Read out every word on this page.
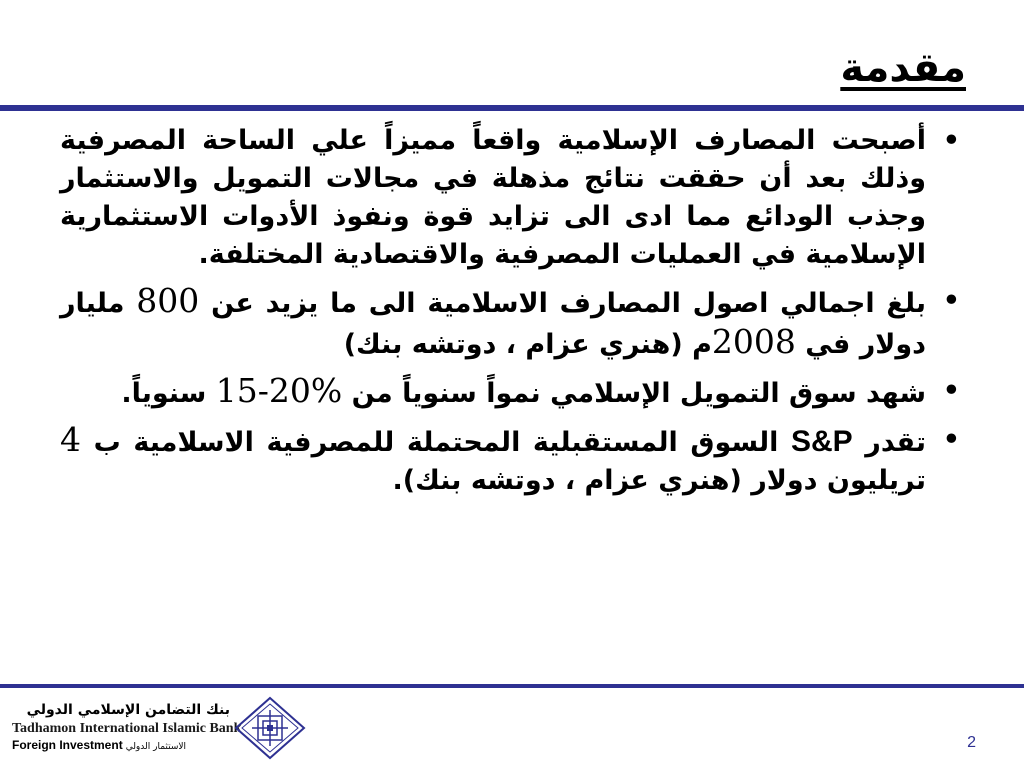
مقدمة
•
أصبحت المصارف الإسلامية واقعاً مميزاً علي الساحة المصرفية وذلك بعد أن حققت نتائج مذهلة في مجالات التمويل والاستثمار وجذب الودائع مما ادى الى تزايد قوة ونفوذ الأدوات الاستثمارية الإسلامية في العمليات المصرفية والاقتصادية المختلفة.
•
بلغ اجمالي اصول المصارف الاسلامية الى ما يزيد عن 800 مليار دولار في 2008م (هنري عزام ، دوتشه بنك)
•
شهد سوق التمويل الإسلامي نمواً سنوياً من 15-20% سنوياً.
•
تقدر S&P السوق المستقبلية المحتملة للمصرفية الاسلامية ب 4 تريليون دولار (هنري عزام ، دوتشه بنك).
بنك التضامن الإسلامي الدولي
Tadhamon International Islamic Bank
Foreign Investment الاستثمار الدولي	2
